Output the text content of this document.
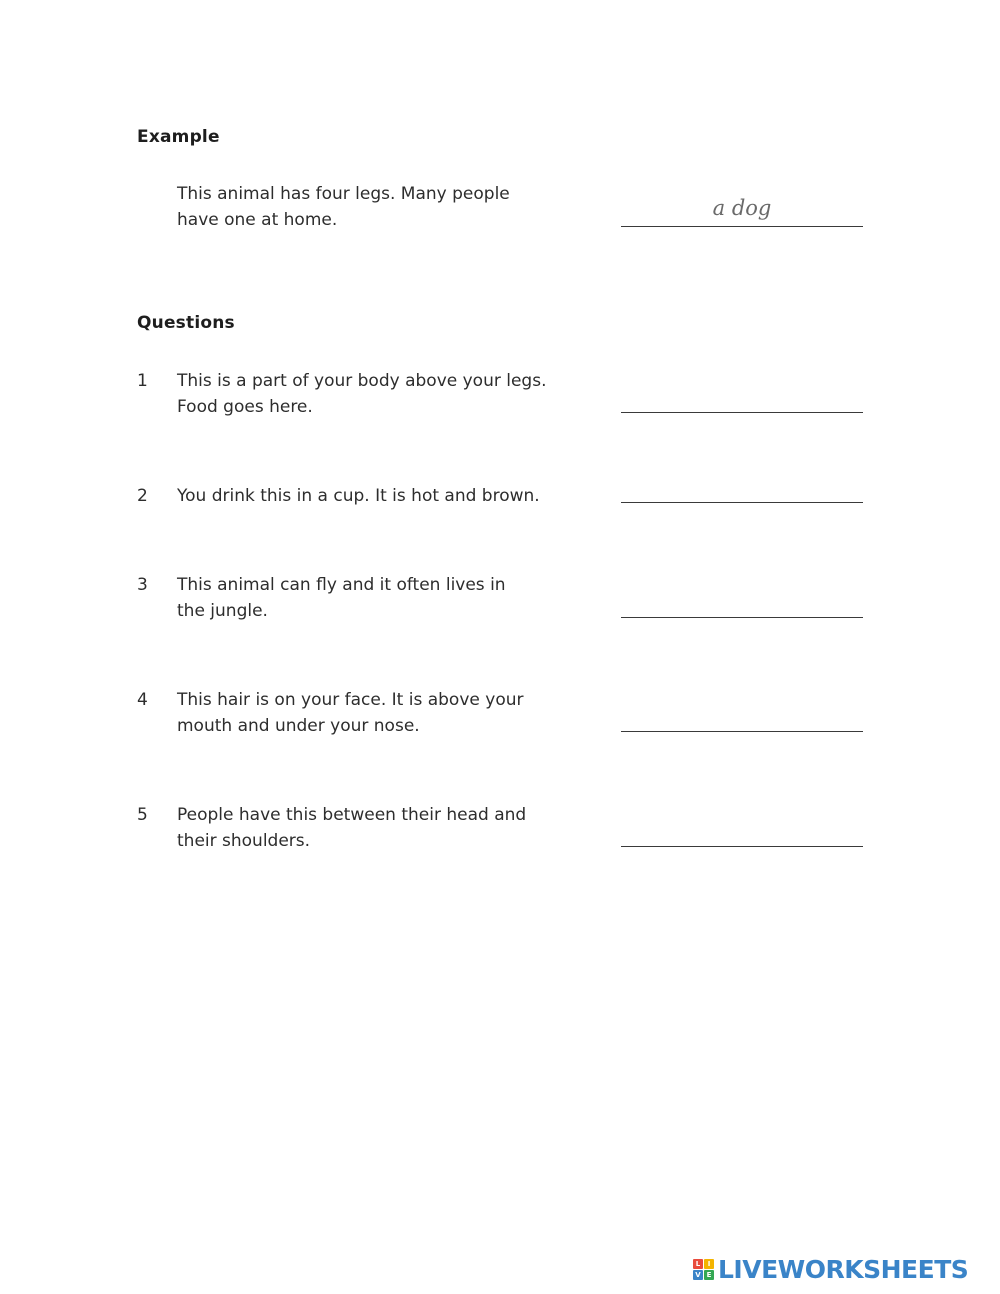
Example
This animal has four legs. Many people
have one at home.	a dog
Questions
1 This is a part of your body above your legs.
Food goes here.
2 You drink this in a cup. It is hot and brown.
3 This animal can fly and it often lives in
the jungle.
4 This hair is on your face. It is above your
mouth and under your nose.
5 People have this between their head and
their shoulders.
L	I
V E LIVEWORKSHEETS
